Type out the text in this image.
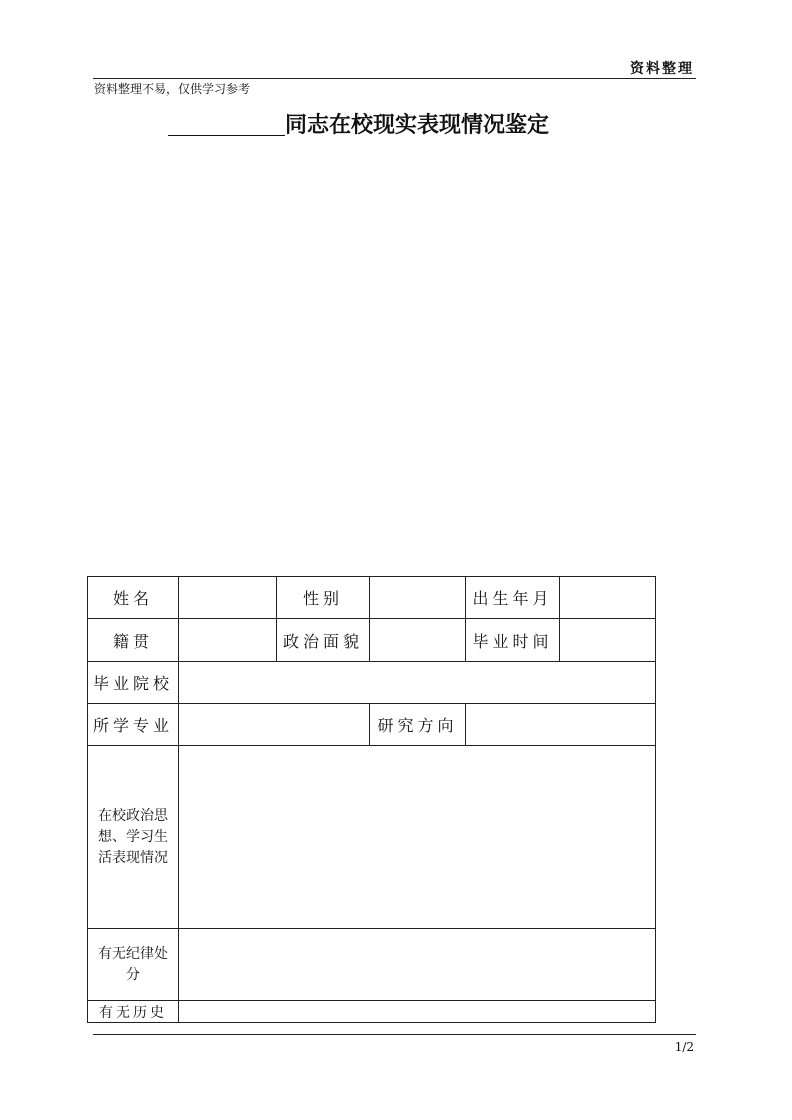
资料整理
资料整理不易，仅供学习参考
同志在校现实表现情况鉴定
姓名		性别		出生年月	
籍贯		政治面貌		毕业时间	
毕业院校					
所学专业			研究方向		

在校政治思想、学习生活表现情况					

有无纪律处分					

有无历史					
1/2
